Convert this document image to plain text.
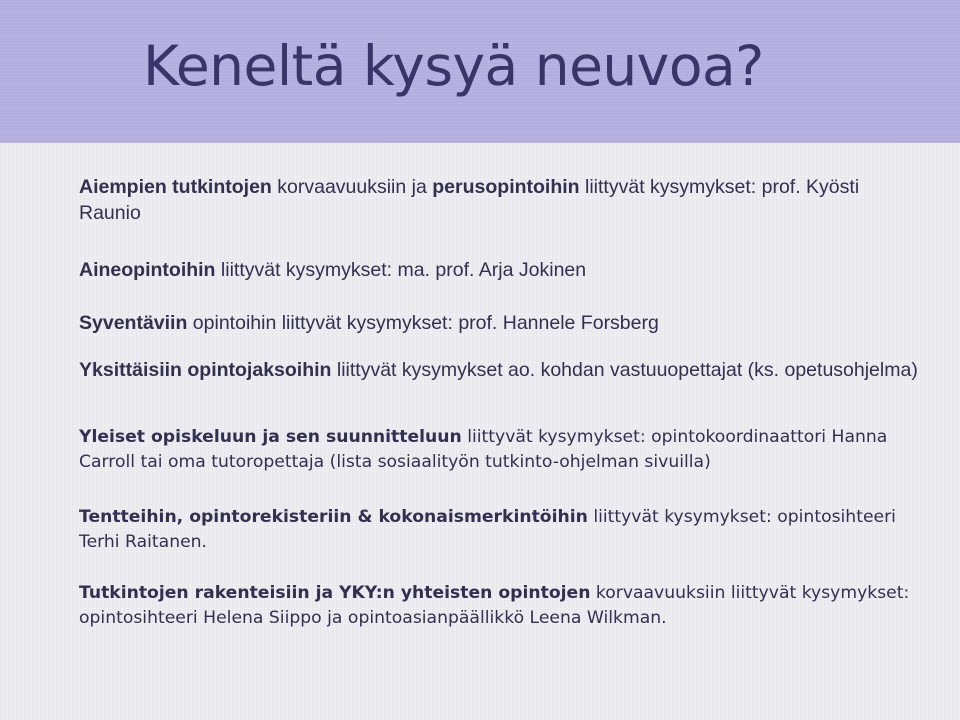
Keneltä kysyä neuvoa?

Aiempien tutkintojen korvaavuuksiin ja perusopintoihin liittyvät kysymykset: prof. Kyösti Raunio

Aineopintoihin liittyvät kysymykset: ma. prof. Arja Jokinen

Syventäviin opintoihin liittyvät kysymykset: prof. Hannele Forsberg

Yksittäisiin opintojaksoihin liittyvät kysymykset ao. kohdan vastuuopettajat (ks. opetusohjelma)

Yleiset opiskeluun ja sen suunnitteluun liittyvät kysymykset: opintokoordinaattori Hanna Carroll tai oma tutoropettaja (lista sosiaalityön tutkinto-ohjelman sivuilla)

Tentteihin, opintorekisteriin & kokonaismerkintöihin liittyvät kysymykset: opintosihteeri Terhi Raitanen.

Tutkintojen rakenteisiin ja YKY:n yhteisten opintojen korvaavuuksiin liittyvät kysymykset: opintosihteeri Helena Siippo ja opintoasianpäällikkö Leena Wilkman.
